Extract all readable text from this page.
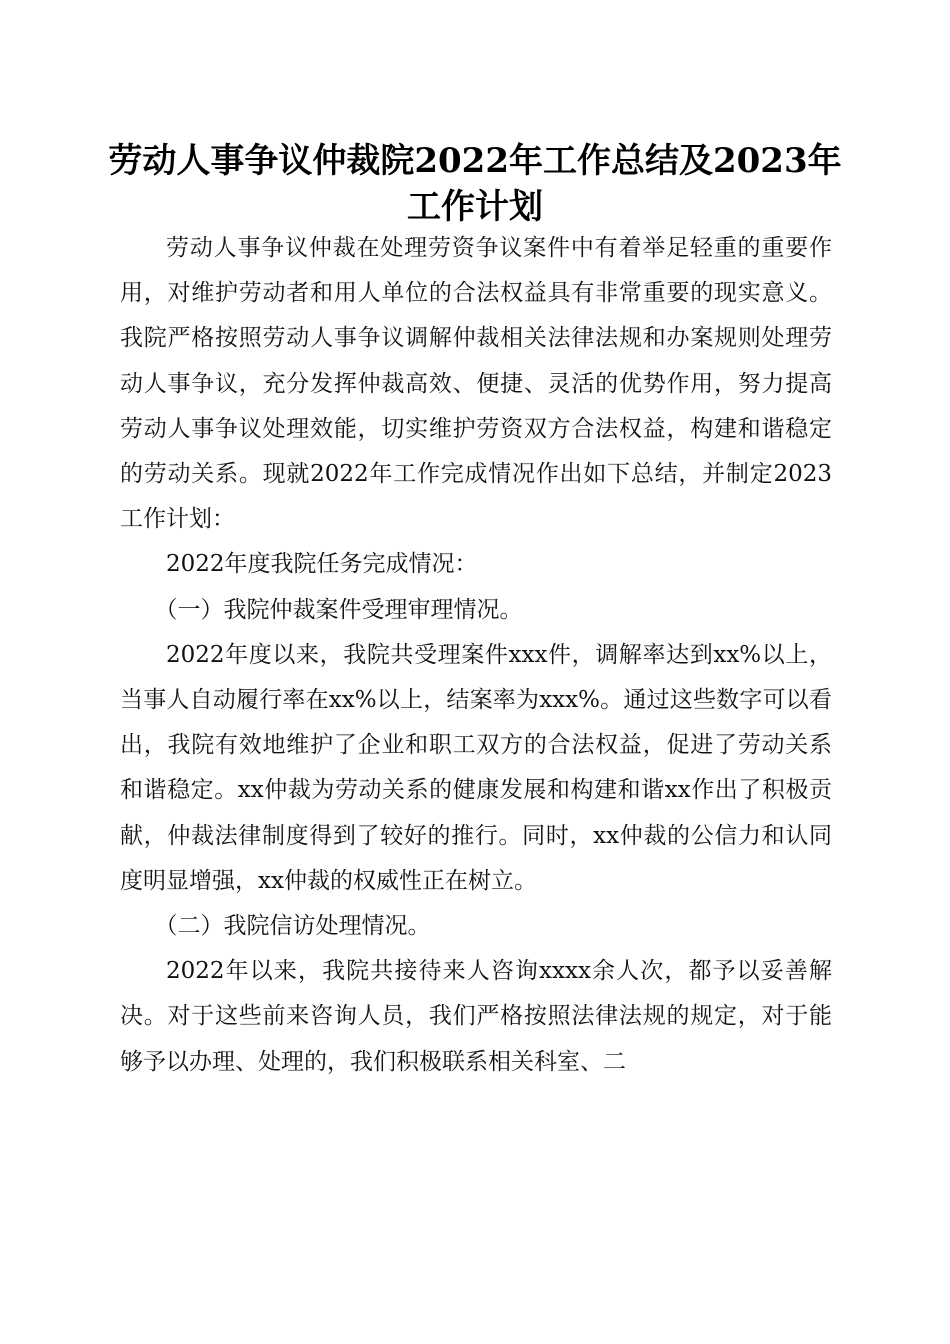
劳动人事争议仲裁院2022年工作总结及2023年工作计划

劳动人事争议仲裁在处理劳资争议案件中有着举足轻重的重要作用，对维护劳动者和用人单位的合法权益具有非常重要的现实意义。我院严格按照劳动人事争议调解仲裁相关法律法规和办案规则处理劳动人事争议，充分发挥仲裁高效、便捷、灵活的优势作用，努力提高劳动人事争议处理效能，切实维护劳资双方合法权益，构建和谐稳定的劳动关系。现就2022年工作完成情况作出如下总结，并制定2023工作计划：

2022年度我院任务完成情况：

（一）我院仲裁案件受理审理情况。

2022年度以来，我院共受理案件xxx件，调解率达到xx%以上，当事人自动履行率在xx%以上，结案率为xxx%。通过这些数字可以看出，我院有效地维护了企业和职工双方的合法权益，促进了劳动关系和谐稳定。xx仲裁为劳动关系的健康发展和构建和谐xx作出了积极贡献，仲裁法律制度得到了较好的推行。同时，xx仲裁的公信力和认同度明显增强，xx仲裁的权威性正在树立。

（二）我院信访处理情况。

2022年以来，我院共接待来人咨询xxxx余人次，都予以妥善解决。对于这些前来咨询人员，我们严格按照法律法规的规定，对于能够予以办理、处理的，我们积极联系相关科室、二
